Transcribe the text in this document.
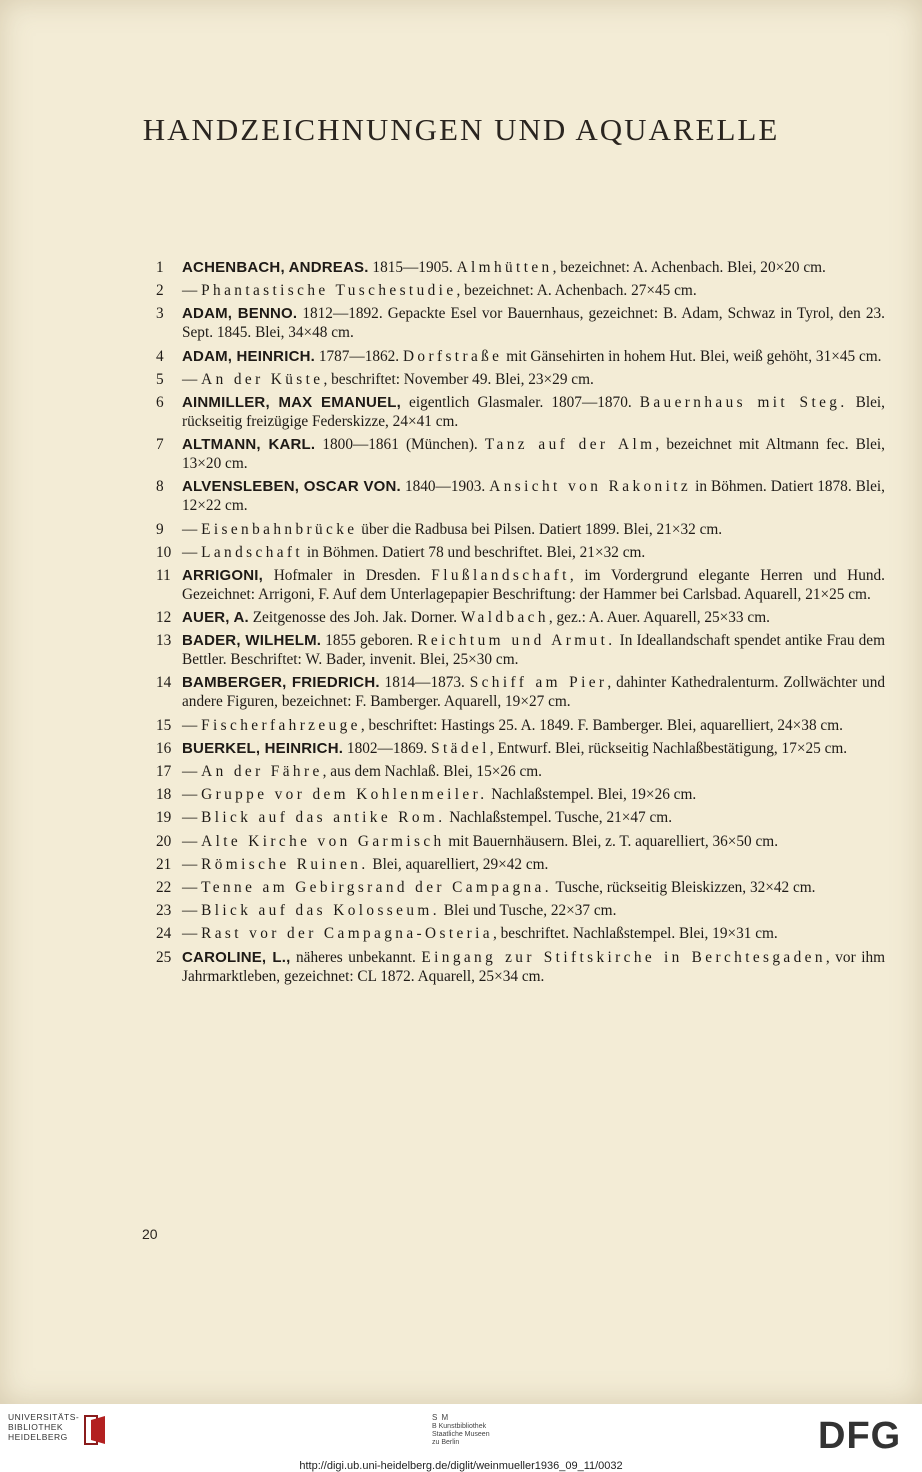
HANDZEICHNUNGEN UND AQUARELLE
1	ACHENBACH, ANDREAS. 1815—1905. Almhütten, bezeichnet: A. Achenbach. Blei, 20×20 cm.
2	— Phantastische Tuschestudie, bezeichnet: A. Achenbach. 27×45 cm.
3	ADAM, BENNO. 1812—1892. Gepackte Esel vor Bauernhaus, gezeichnet: B. Adam, Schwaz in Tyrol, den 23. Sept. 1845. Blei, 34×48 cm.
4	ADAM, HEINRICH. 1787—1862. Dorfstraße mit Gänsehirten in hohem Hut. Blei, weiß gehöht, 31×45 cm.
5	— An der Küste, beschriftet: November 49. Blei, 23×29 cm.
6	AINMILLER, MAX EMANUEL, eigentlich Glasmaler. 1807—1870. Bauernhaus mit Steg. Blei, rückseitig freizügige Federskizze, 24×41 cm.
7	ALTMANN, KARL. 1800—1861 (München). Tanz auf der Alm, bezeichnet mit Altmann fec. Blei, 13×20 cm.
8	ALVENSLEBEN, OSCAR VON. 1840—1903. Ansicht von Rakonitz in Böhmen. Datiert 1878. Blei, 12×22 cm.
9	— Eisenbahnbrücke über die Radbusa bei Pilsen. Datiert 1899. Blei, 21×32 cm.
10 — Landschaft in Böhmen. Datiert 78 und beschriftet. Blei, 21×32 cm.
11 ARRIGONI, Hofmaler in Dresden. Flußlandschaft, im Vordergrund elegante Herren und Hund. Gezeichnet: Arrigoni, F. Auf dem Unterlagepapier Beschriftung: der Hammer bei Carlsbad. Aquarell, 21×25 cm.
12 AUER, A. Zeitgenosse des Joh. Jak. Dorner. Waldbach, gez.: A. Auer. Aquarell, 25×33 cm.
13 BADER, WILHELM. 1855 geboren. Reichtum und Armut. In Ideallandschaft spendet antike Frau dem Bettler. Beschriftet: W. Bader, invenit. Blei, 25×30 cm.
14 BAMBERGER, FRIEDRICH. 1814—1873. Schiff am Pier, dahinter Kathedralenturm. Zollwächter und andere Figuren, bezeichnet: F. Bamberger. Aquarell, 19×27 cm.
15 — Fischerfahrzeuge, beschriftet: Hastings 25. A. 1849. F. Bamberger. Blei, aquarelliert, 24×38 cm.
16 BUERKEL, HEINRICH. 1802—1869. Städel, Entwurf. Blei, rückseitig Nachlaßbestätigung, 17×25 cm.
17 — An der Fähre, aus dem Nachlaß. Blei, 15×26 cm.
18 — Gruppe vor dem Kohlenmeiler. Nachlaßstempel. Blei, 19×26 cm.
19 — Blick auf das antike Rom. Nachlaßstempel. Tusche, 21×47 cm.
20 — Alte Kirche von Garmisch mit Bauernhäusern. Blei, z. T. aquarelliert, 36×50 cm.
21 — Römische Ruinen. Blei, aquarelliert, 29×42 cm.
22 — Tenne am Gebirgsrand der Campagna. Tusche, rückseitig Bleiskizzen, 32×42 cm.
23 — Blick auf das Kolosseum. Blei und Tusche, 22×37 cm.
24 — Rast vor der Campagna-Osteria, beschriftet. Nachlaßstempel. Blei, 19×31 cm.
25 CAROLINE, L., näheres unbekannt. Eingang zur Stiftskirche in Berchtesgaden, vor ihm Jahrmarktleben, gezeichnet: CL 1872. Aquarell, 25×34 cm.
20
UNIVERSITÄTS-
BIBLIOTHEK
HEIDELBERG
S M
B Kunstbibliothek
Staatliche Museen
zu Berlin	DFG
http://digi.ub.uni-heidelberg.de/diglit/weinmueller1936_09_11/0032
